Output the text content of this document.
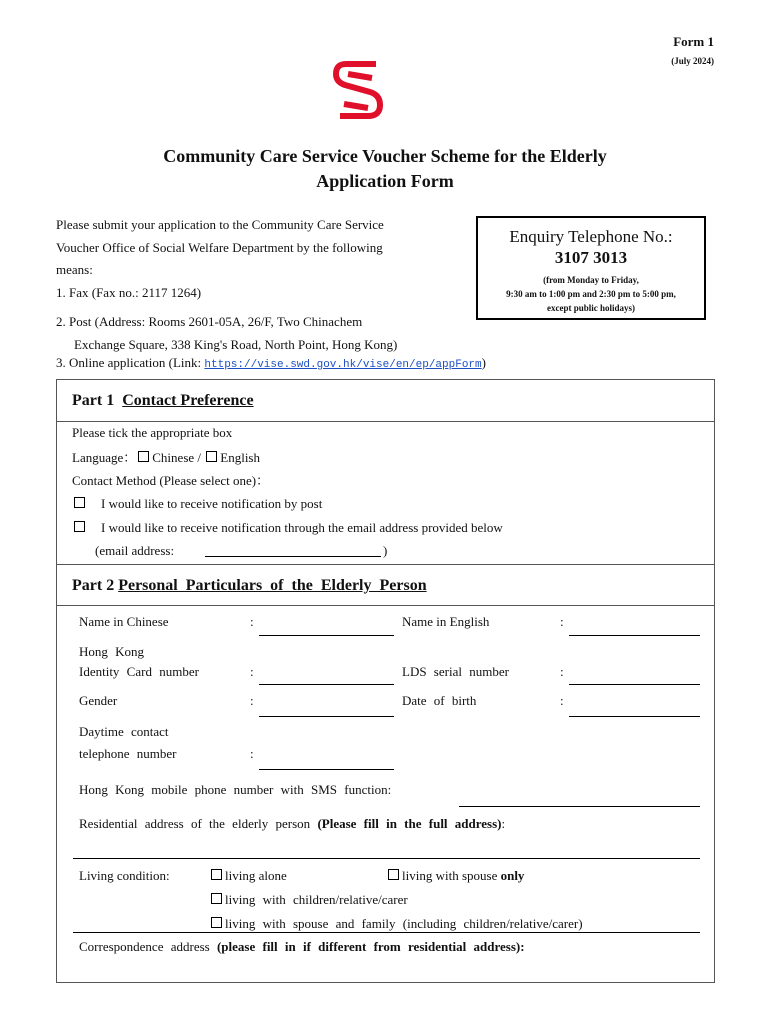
Form 1
(July 2024)
Community Care Service Voucher Scheme for the Elderly
Application Form
Please submit your application to the Community Care Service
Voucher Office of Social Welfare Department by the following
means:
1. Fax (Fax no.: 2117 1264)
2. Post (Address: Rooms 2601-05A, 26/F, Two Chinachem
Exchange Square, 338 King's Road, North Point, Hong Kong)
3. Online application (Link: https://vise.swd.gov.hk/vise/en/ep/appForm)
Enquiry Telephone No.:
3107 3013
(from Monday to Friday,
9:30 am to 1:00 pm and 2:30 pm to 5:00 pm,
except public holidays)
Part 1 Contact Preference
Please tick the appropriate box
Language： Chinese / English
Contact Method (Please select one)：
I would like to receive notification by post
I would like to receive notification through the email address provided below
(email address:	)
Part 2 Personal Particulars of the Elderly Person
Name in Chinese	:	Name in English	:
Hong Kong
Identity Card number	:	LDS serial number	:
Gender	:	Date of birth	:
Daytime contact
telephone number	:
Hong Kong mobile phone number with SMS function:
Residential address of the elderly person (Please fill in the full address):
Living condition:	living alone	living with spouse only
living with children/relative/carer
living with spouse and family (including children/relative/carer)
Correspondence address (please fill in if different from residential address):
